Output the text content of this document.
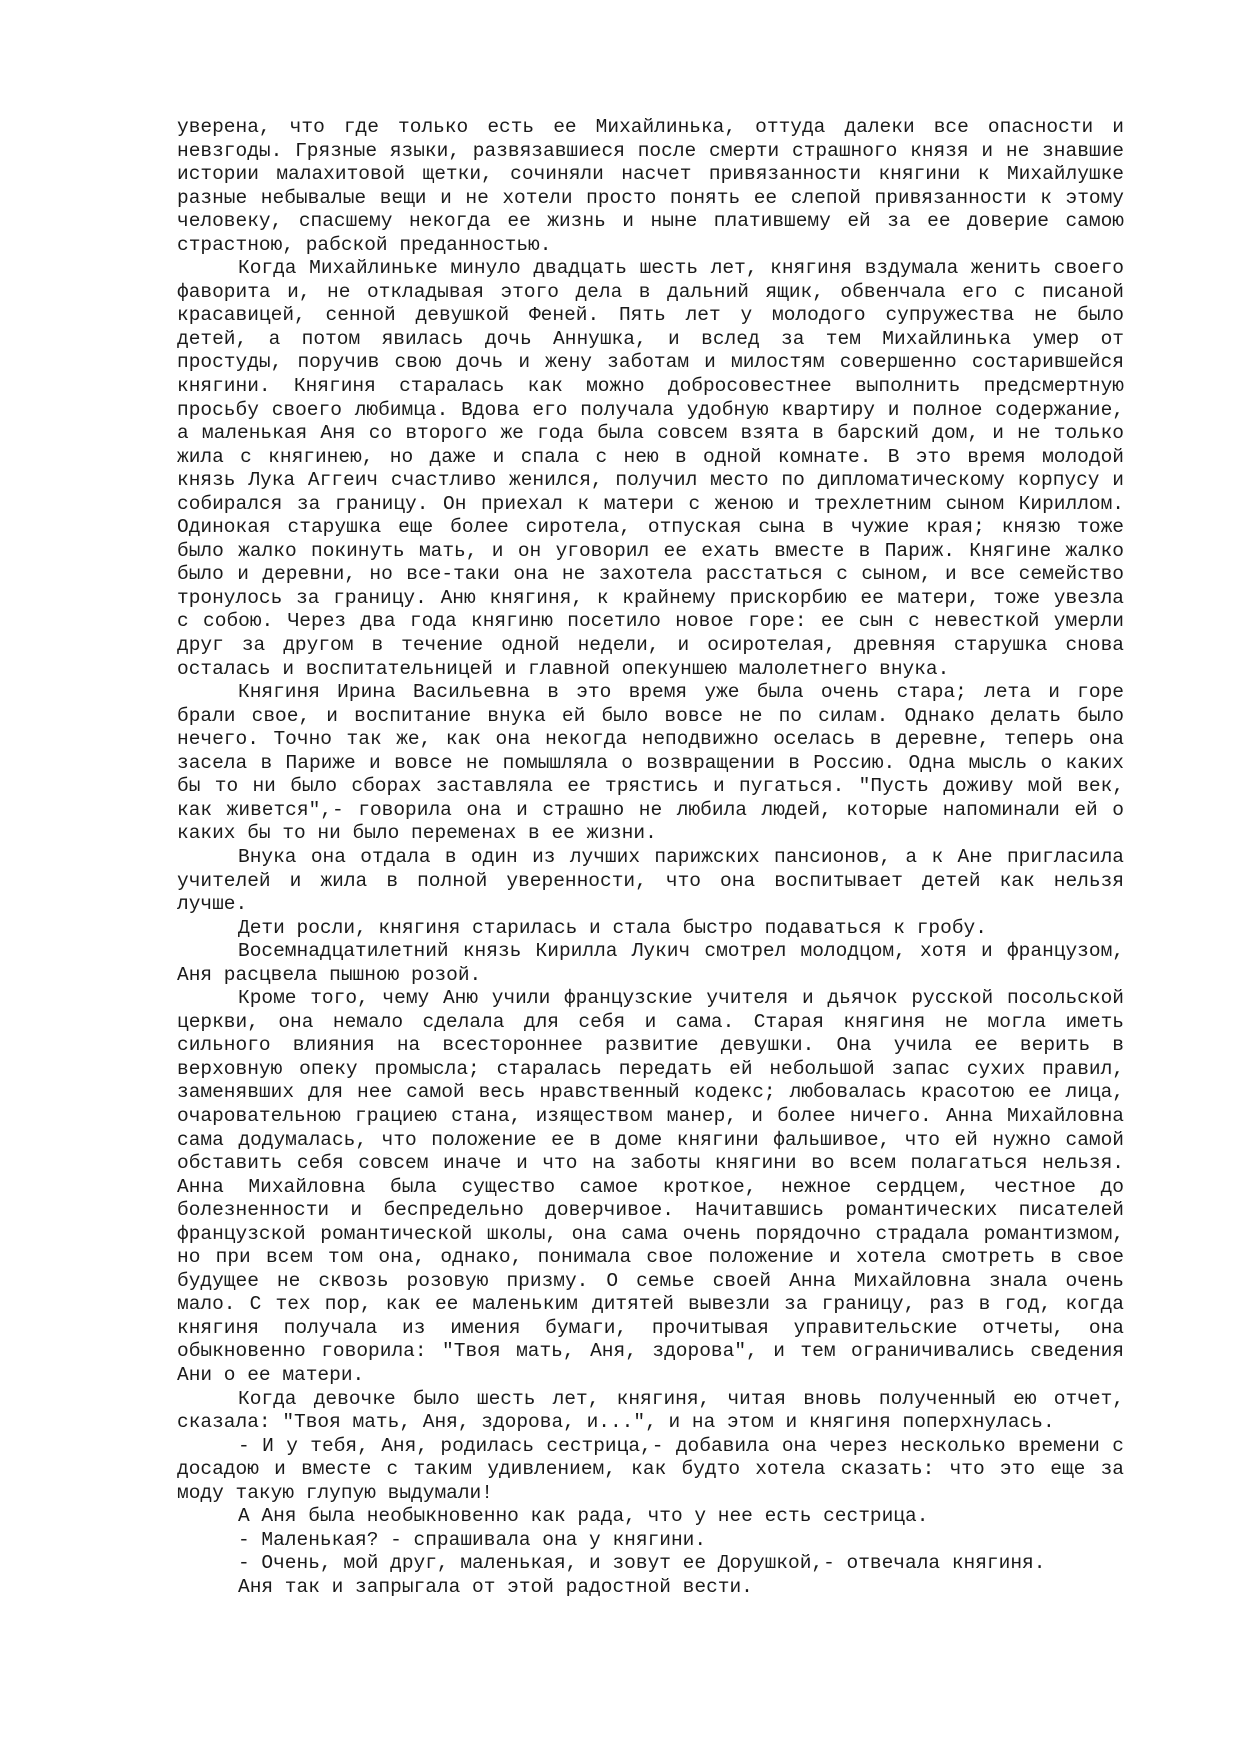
уверена, что где только есть ее Михайлинька, оттуда далеки все опасности и невзгоды. Грязные языки, развязавшиеся после смерти страшного князя и не знавшие истории малахитовой щетки, сочиняли насчет привязанности княгини к Михайлушке разные небывалые вещи и не хотели просто понять ее слепой привязанности к этому человеку, спасшему некогда ее жизнь и ныне платившему ей за ее доверие самою страстною, рабской преданностью.

Когда Михайлиньке минуло двадцать шесть лет, княгиня вздумала женить своего фаворита и, не откладывая этого дела в дальний ящик, обвенчала его с писаной красавицей, сенной девушкой Феней. Пять лет у молодого супружества не было детей, а потом явилась дочь Аннушка, и вслед за тем Михайлинька умер от простуды, поручив свою дочь и жену заботам и милостям совершенно состарившейся княгини. Княгиня старалась как можно добросовестнее выполнить предсмертную просьбу своего любимца. Вдова его получала удобную квартиру и полное содержание, а маленькая Аня со второго же года была совсем взята в барский дом, и не только жила с княгинею, но даже и спала с нею в одной комнате. В это время молодой князь Лука Аггеич счастливо женился, получил место по дипломатическому корпусу и собирался за границу. Он приехал к матери с женою и трехлетним сыном Кириллом. Одинокая старушка еще более сиротела, отпуская сына в чужие края; князю тоже было жалко покинуть мать, и он уговорил ее ехать вместе в Париж. Княгине жалко было и деревни, но все-таки она не захотела расстаться с сыном, и все семейство тронулось за границу. Аню княгиня, к крайнему прискорбию ее матери, тоже увезла с собою. Через два года княгиню посетило новое горе: ее сын с невесткой умерли друг за другом в течение одной недели, и осиротелая, древняя старушка снова осталась и воспитательницей и главной опекуншею малолетнего внука.

Княгиня Ирина Васильевна в это время уже была очень стара; лета и горе брали свое, и воспитание внука ей было вовсе не по силам. Однако делать было нечего. Точно так же, как она некогда неподвижно оселась в деревне, теперь она засела в Париже и вовсе не помышляла о возвращении в Россию. Одна мысль о каких бы то ни было сборах заставляла ее трястись и пугаться. "Пусть доживу мой век, как живется",- говорила она и страшно не любила людей, которые напоминали ей о каких бы то ни было переменах в ее жизни.

Внука она отдала в один из лучших парижских пансионов, а к Ане пригласила учителей и жила в полной уверенности, что она воспитывает детей как нельзя лучше.

Дети росли, княгиня старилась и стала быстро подаваться к гробу.

Восемнадцатилетний князь Кирилла Лукич смотрел молодцом, хотя и французом, Аня расцвела пышною розой.

Кроме того, чему Аню учили французские учителя и дьячок русской посольской церкви, она немало сделала для себя и сама. Старая княгиня не могла иметь сильного влияния на всестороннее развитие девушки. Она учила ее верить в верховную опеку промысла; старалась передать ей небольшой запас сухих правил, заменявших для нее самой весь нравственный кодекс; любовалась красотою ее лица, очаровательною грациею стана, изяществом манер, и более ничего. Анна Михайловна сама додумалась, что положение ее в доме княгини фальшивое, что ей нужно самой обставить себя совсем иначе и что на заботы княгини во всем полагаться нельзя. Анна Михайловна была существо самое кроткое, нежное сердцем, честное до болезненности и беспредельно доверчивое. Начитавшись романтических писателей французской романтической школы, она сама очень порядочно страдала романтизмом, но при всем том она, однако, понимала свое положение и хотела смотреть в свое будущее не сквозь розовую призму. О семье своей Анна Михайловна знала очень мало. С тех пор, как ее маленьким дитятей вывезли за границу, раз в год, когда княгиня получала из имения бумаги, прочитывая управительские отчеты, она обыкновенно говорила: "Твоя мать, Аня, здорова", и тем ограничивались сведения Ани о ее матери.

Когда девочке было шесть лет, княгиня, читая вновь полученный ею отчет, сказала: "Твоя мать, Аня, здорова, и...", и на этом и княгиня поперхнулась.

- И у тебя, Аня, родилась сестрица,- добавила она через несколько времени с досадою и вместе с таким удивлением, как будто хотела сказать: что это еще за моду такую глупую выдумали!

А Аня была необыкновенно как рада, что у нее есть сестрица.

- Маленькая? - спрашивала она у княгини.

- Очень, мой друг, маленькая, и зовут ее Дорушкой,- отвечала княгиня.

Аня так и запрыгала от этой радостной вести.
